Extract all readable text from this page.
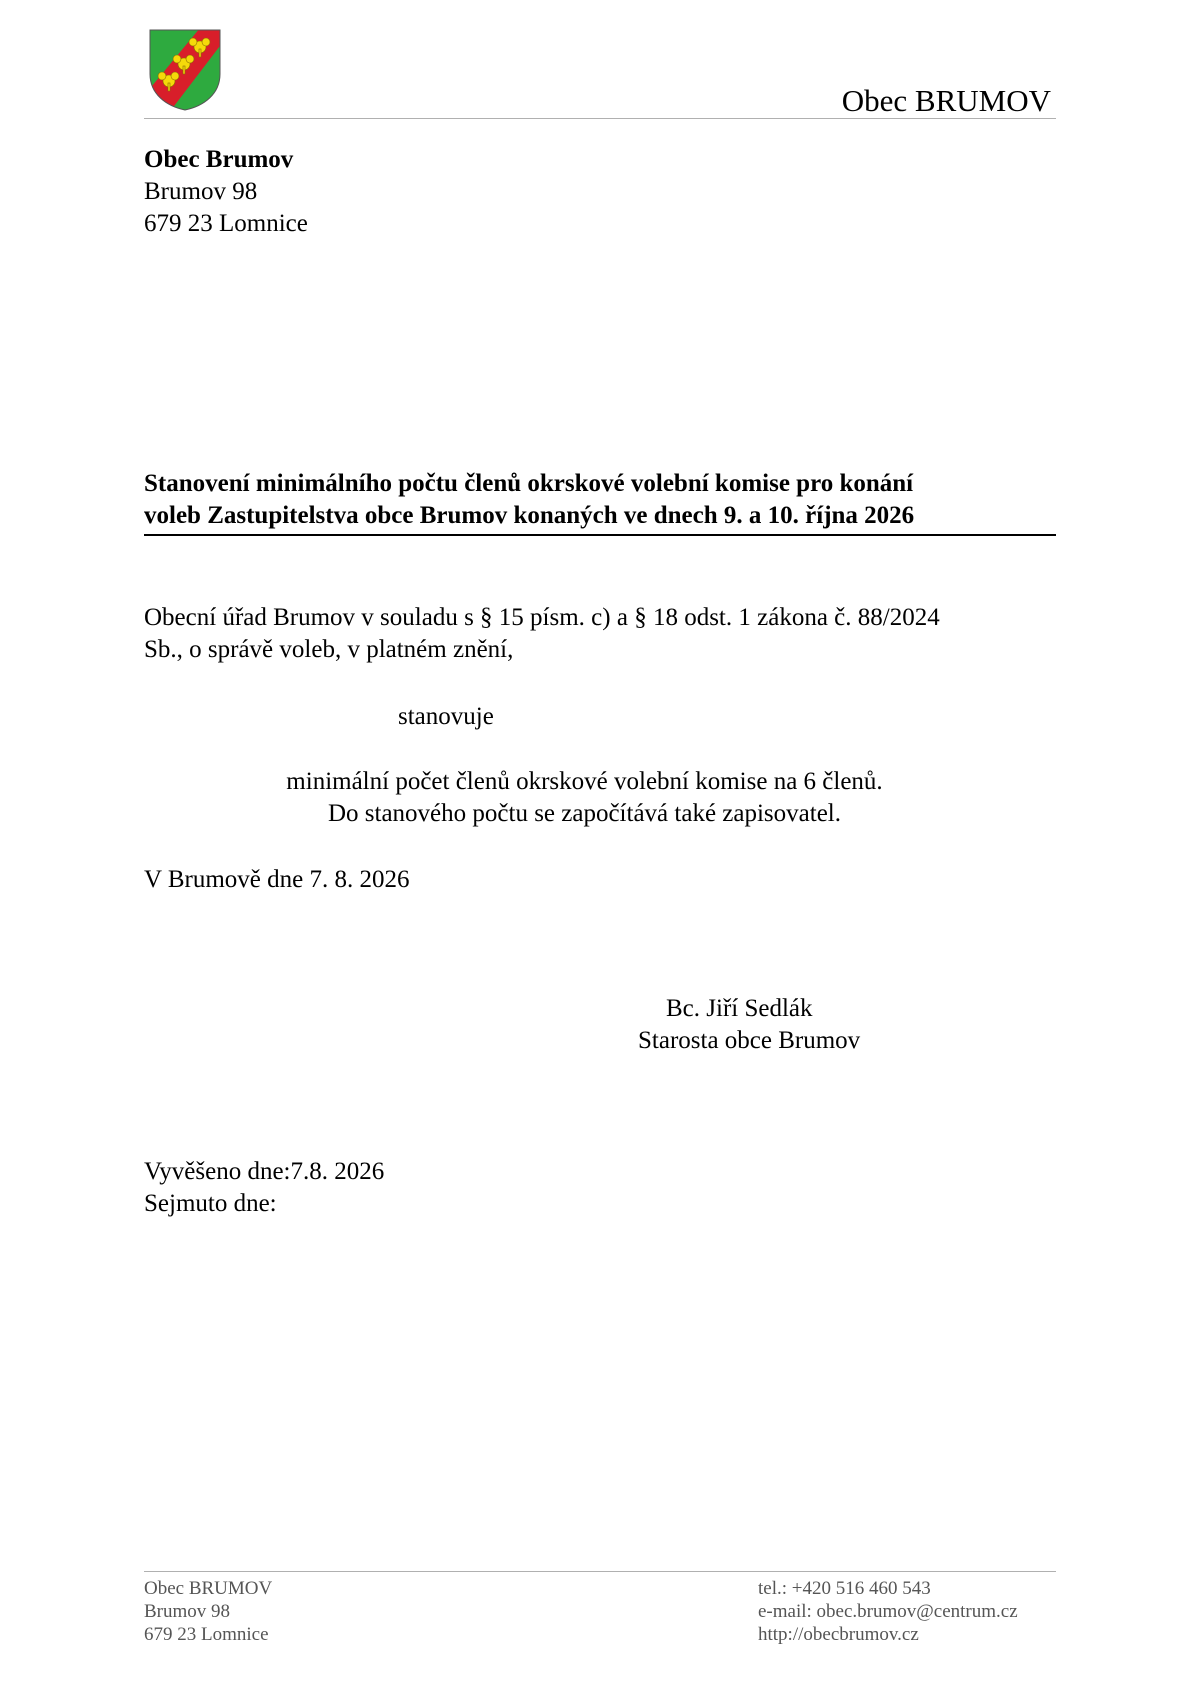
Obec BRUMOV
Obec Brumov
Brumov 98
679 23 Lomnice
Stanovení minimálního počtu členů okrskové volební komise pro konání
voleb Zastupitelstva obce Brumov konaných ve dnech 9. a 10. října 2026
Obecní úřad Brumov v souladu s § 15 písm. c) a § 18 odst. 1 zákona č. 88/2024
Sb., o správě voleb, v platném znění,
stanovuje
minimální počet členů okrskové volební komise na 6 členů.
Do stanového počtu se započítává také zapisovatel.
V Brumově dne 7. 8. 2026
Bc. Jiří Sedlák
Starosta obce Brumov
Vyvěšeno dne:7.8. 2026
Sejmuto dne:
Obec BRUMOV
Brumov 98
679 23 Lomnice
tel.: +420 516 460 543
e-mail: obec.brumov@centrum.cz
http://obecbrumov.cz
